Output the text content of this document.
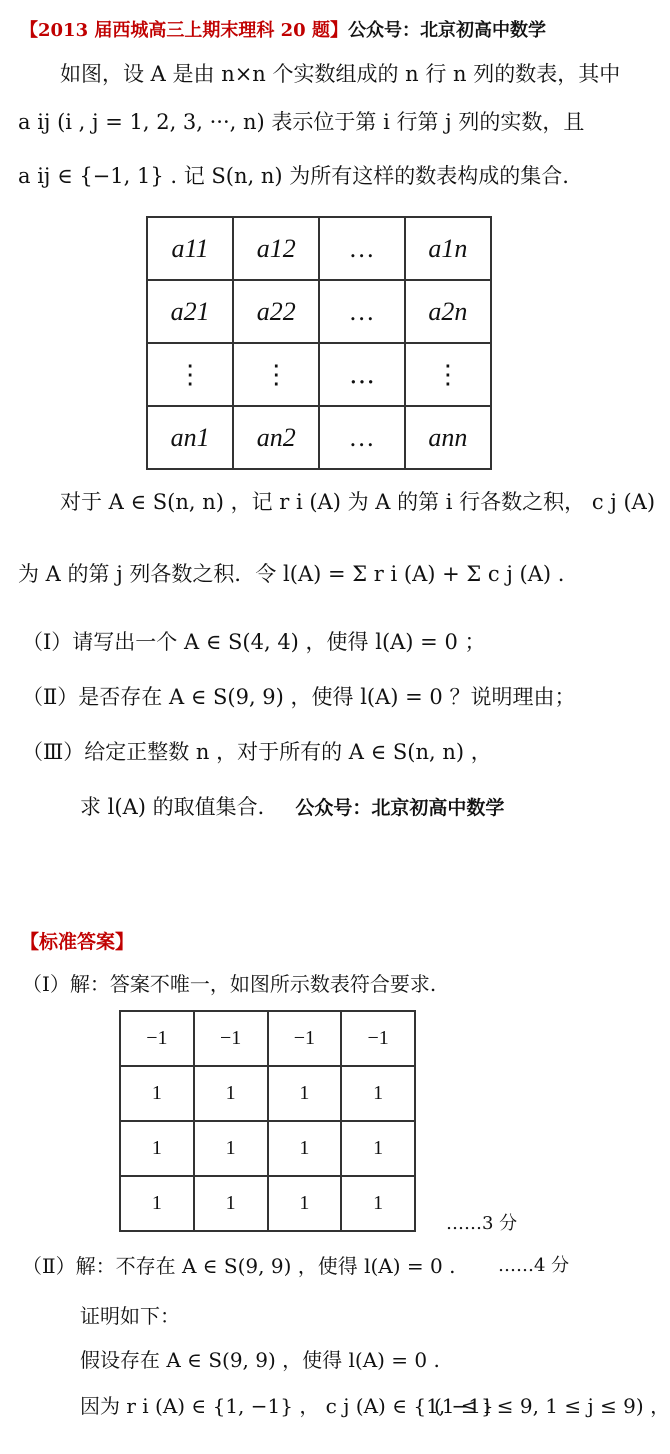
【2013 届西城高三上期末理科 20 题】公众号：北京初高中数学
如图，设 A 是由 n×n 个实数组成的 n 行 n 列的数表，其中
a ij (i , j = 1, 2, 3, ···, n) 表示位于第 i 行第 j 列的实数，且
a ij ∈ {−1, 1} . 记 S(n, n) 为所有这样的数表构成的集合.
a11	a12	…	a1n
a21	a22	…	a2n
⋮	⋮	…	⋮
an1	an2	…	ann
对于 A ∈ S(n, n) ，记 r i (A) 为 A 的第 i 行各数之积， c j (A)
为 A 的第 j 列各数之积．令 l(A) = Σ r i (A) + Σ c j (A) .
（Ⅰ）请写出一个 A ∈ S(4, 4) ，使得 l(A) = 0 ；
（Ⅱ）是否存在 A ∈ S(9, 9) ，使得 l(A) = 0 ？说明理由；
（Ⅲ）给定正整数 n ，对于所有的 A ∈ S(n, n) ，
求 l(A) 的取值集合． 公众号：北京初高中数学
【标准答案】
（Ⅰ）解：答案不唯一，如图所示数表符合要求.
−1	−1	−1	−1
1	1	1	1
1	1	1	1
1	1	1	1
……3 分
（Ⅱ）解：不存在 A ∈ S(9, 9) ，使得 l(A) = 0 . ……4 分
证明如下：
假设存在 A ∈ S(9, 9) ，使得 l(A) = 0 .
因为 r i (A) ∈ {1, −1} ， c j (A) ∈ {1, −1}
(1 ≤ i ≤ 9, 1 ≤ j ≤ 9) ，
